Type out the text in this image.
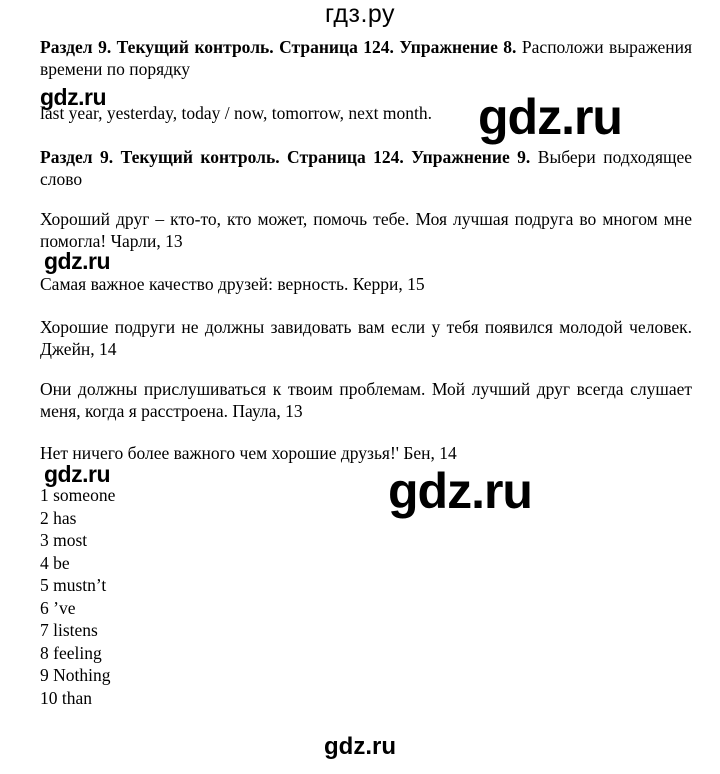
гдз.ру

Раздел 9. Текущий контроль. Страница 124. Упражнение 8. Расположи выражения времени по порядку

gdz.ru

last year, yesterday, today / now, tomorrow, next month. gdz.ru

Раздел 9. Текущий контроль. Страница 124. Упражнение 9. Выбери подходящее слово

Хороший друг – кто-то, кто может, помочь тебе. Моя лучшая подруга во многом мне помогла! Чарли, 13

gdz.ru

Самая важное качество друзей: верность. Керри, 15

Хорошие подруги не должны завидовать вам если у тебя появился молодой человек. Джейн, 14

Они должны прислушиваться к твоим проблемам. Мой лучший друг всегда слушает меня, когда я расстроена. Паула, 13

Нет ничего более важного чем хорошие друзья!' Бен, 14

gdz.ru	gdz.ru
1 someone
2 has
3 most
4 be
5 mustn’t
6 ’ve
7 listens
8 feeling
9 Nothing
10 than
gdz.ru
